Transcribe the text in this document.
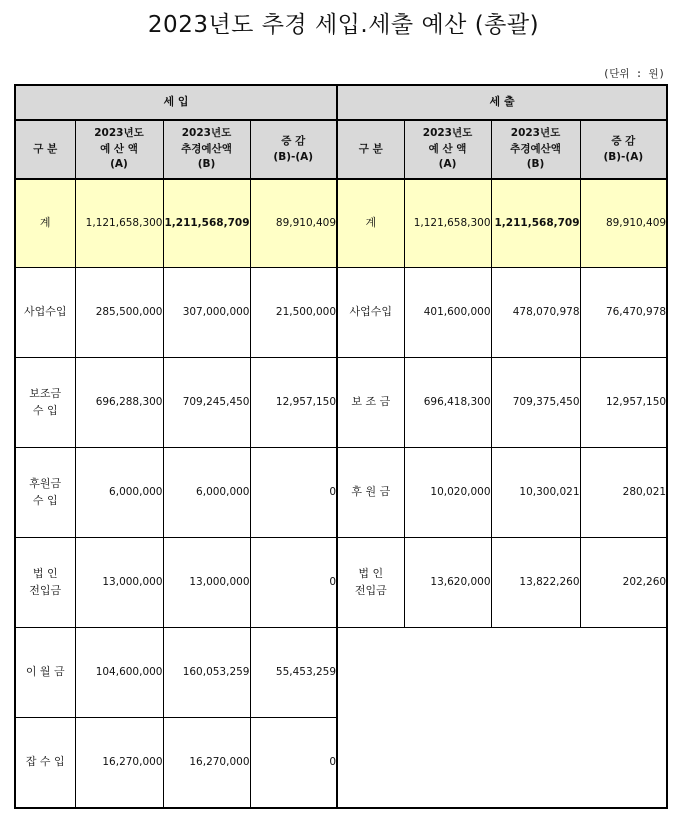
2023년도 추경 세입.세출 예산 (총괄)
(단위 : 원)
세 입				세 출			
구 분	2023년도
예 산 액
(A)	2023년도
추경예산액
(B)	증 감
(B)-(A)	구 분	2023년도
예 산 액
(A)	2023년도
추경예산액
(B)	증 감
(B)-(A)
계	1,121,658,300	1,211,568,709	89,910,409	계	1,121,658,300	1,211,568,709	89,910,409
사업수입	285,500,000	307,000,000	21,500,000	사업수입	401,600,000	478,070,978	76,470,978
보조금
수 입	696,288,300	709,245,450	12,957,150	보 조 금	696,418,300	709,375,450	12,957,150
후원금
수 입	6,000,000	6,000,000	0	후 원 금	10,020,000	10,300,021	280,021
법 인
전입금	13,000,000	13,000,000	0	법 인
전입금	13,620,000	13,822,260	202,260
이 월 금	104,600,000	160,053,259	55,453,259				
잡 수 입	16,270,000	16,270,000	0				
